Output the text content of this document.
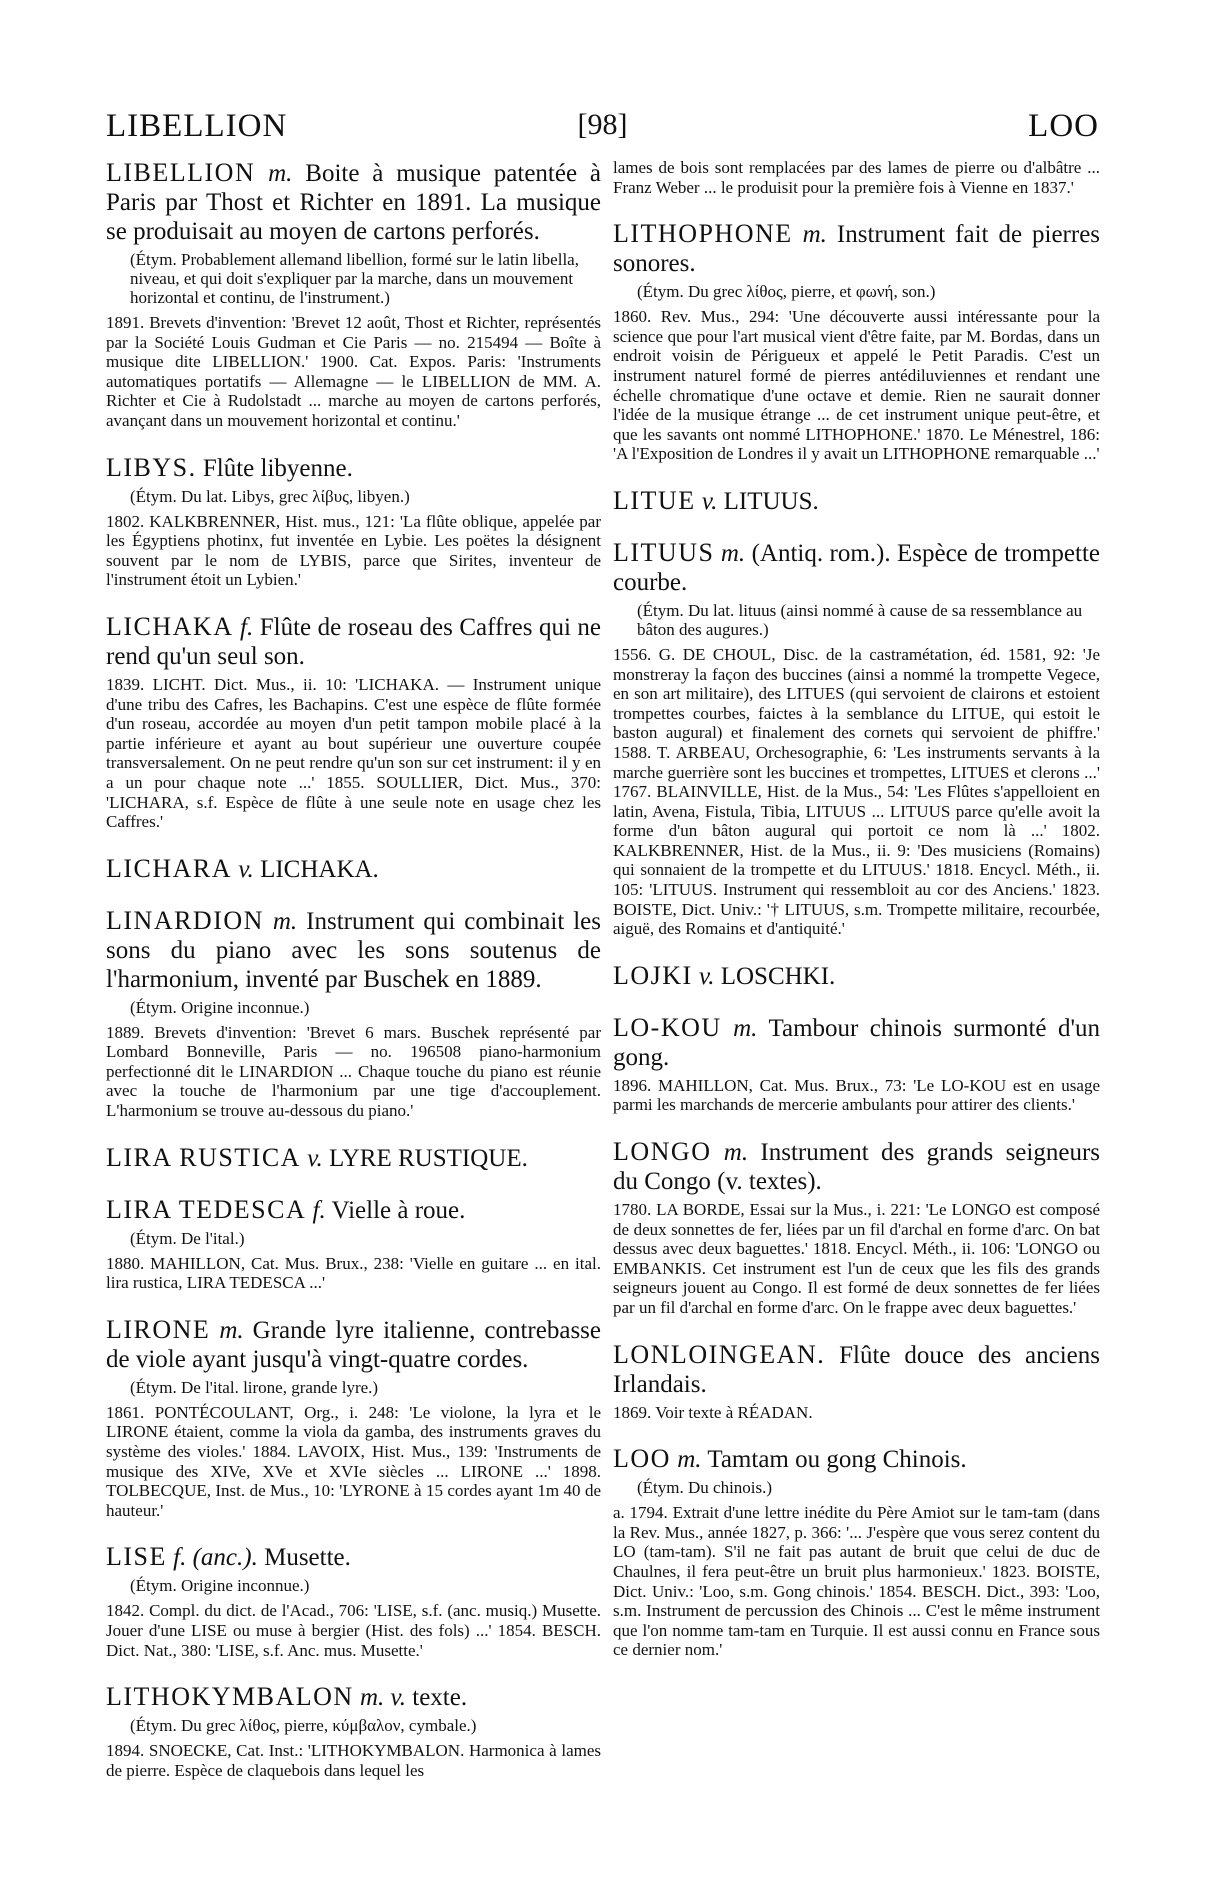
LIBELLION	[98]	LOO

LIBELLION m. Boite à musique patentée à Paris par Thost et Richter en 1891. La musique se produisait au moyen de cartons perforés.

(Étym. Probablement allemand libellion, formé sur le latin libella, niveau, et qui doit s'expliquer par la marche, dans un mouvement horizontal et continu, de l'instrument.)

1891. Brevets d'invention: 'Brevet 12 août, Thost et Richter, représentés par la Société Louis Gudman et Cie Paris — no. 215494 — Boîte à musique dite LIBELLION.' 1900. Cat. Expos. Paris: 'Instruments automatiques portatifs — Allemagne — le LIBELLION de MM. A. Richter et Cie à Rudolstadt ... marche au moyen de cartons perforés, avançant dans un mouvement horizontal et continu.'

LIBYS. Flûte libyenne.

(Étym. Du lat. Libys, grec λίβυς, libyen.)

1802. KALKBRENNER, Hist. mus., 121: 'La flûte oblique, appelée par les Égyptiens photinx, fut inventée en Lybie. Les poëtes la désignent souvent par le nom de LYBIS, parce que Sirites, inventeur de l'instrument étoit un Lybien.'

LICHAKA f. Flûte de roseau des Caffres qui ne rend qu'un seul son.

1839. LICHT. Dict. Mus., ii. 10: 'LICHAKA. — Instrument unique d'une tribu des Cafres, les Bachapins. C'est une espèce de flûte formée d'un roseau, accordée au moyen d'un petit tampon mobile placé à la partie inférieure et ayant au bout supérieur une ouverture coupée transversalement. On ne peut rendre qu'un son sur cet instrument: il y en a un pour chaque note ...' 1855. SOULLIER, Dict. Mus., 370: 'LICHARA, s.f. Espèce de flûte à une seule note en usage chez les Caffres.'

LICHARA v. LICHAKA.

LINARDION m. Instrument qui combinait les sons du piano avec les sons soutenus de l'harmonium, inventé par Buschek en 1889.

(Étym. Origine inconnue.)

1889. Brevets d'invention: 'Brevet 6 mars. Buschek représenté par Lombard Bonneville, Paris — no. 196508 piano-harmonium perfectionné dit le LINARDION ... Chaque touche du piano est réunie avec la touche de l'harmonium par une tige d'accouplement. L'harmonium se trouve au-dessous du piano.'

LIRA RUSTICA v. LYRE RUSTIQUE.

LIRA TEDESCA f. Vielle à roue.

(Étym. De l'ital.)

1880. MAHILLON, Cat. Mus. Brux., 238: 'Vielle en guitare ... en ital. lira rustica, LIRA TEDESCA ...'

LIRONE m. Grande lyre italienne, contrebasse de viole ayant jusqu'à vingt-quatre cordes.

(Étym. De l'ital. lirone, grande lyre.)

1861. PONTÉCOULANT, Org., i. 248: 'Le violone, la lyra et le LIRONE étaient, comme la viola da gamba, des instruments graves du système des violes.' 1884. LAVOIX, Hist. Mus., 139: 'Instruments de musique des XIVe, XVe et XVIe siècles ... LIRONE ...' 1898. TOLBECQUE, Inst. de Mus., 10: 'LYRONE à 15 cordes ayant 1m 40 de hauteur.'

LISE f. (anc.). Musette.

(Étym. Origine inconnue.)

1842. Compl. du dict. de l'Acad., 706: 'LISE, s.f. (anc. musiq.) Musette. Jouer d'une LISE ou muse à bergier (Hist. des fols) ...' 1854. BESCH. Dict. Nat., 380: 'LISE, s.f. Anc. mus. Musette.'

LITHOKYMBALON m. v. texte.

(Étym. Du grec λίθος, pierre, κύμβαλον, cymbale.)

1894. SNOECKE, Cat. Inst.: 'LITHOKYMBALON. Harmonica à lames de pierre. Espèce de claquebois dans lequel les

lames de bois sont remplacées par des lames de pierre ou d'albâtre ... Franz Weber ... le produisit pour la première fois à Vienne en 1837.'

LITHOPHONE m. Instrument fait de pierres sonores.

(Étym. Du grec λίθος, pierre, et φωνή, son.)

1860. Rev. Mus., 294: 'Une découverte aussi intéressante pour la science que pour l'art musical vient d'être faite, par M. Bordas, dans un endroit voisin de Périgueux et appelé le Petit Paradis. C'est un instrument naturel formé de pierres antédiluviennes et rendant une échelle chromatique d'une octave et demie. Rien ne saurait donner l'idée de la musique étrange ... de cet instrument unique peut-être, et que les savants ont nommé LITHOPHONE.' 1870. Le Ménestrel, 186: 'A l'Exposition de Londres il y avait un LITHOPHONE remarquable ...'

LITUE v. LITUUS.

LITUUS m. (Antiq. rom.). Espèce de trompette courbe.

(Étym. Du lat. lituus (ainsi nommé à cause de sa ressemblance au bâton des augures.)

1556. G. DE CHOUL, Disc. de la castramétation, éd. 1581, 92: 'Je monstreray la façon des buccines (ainsi a nommé la trompette Vegece, en son art militaire), des LITUES (qui servoient de clairons et estoient trompettes courbes, faictes à la semblance du LITUE, qui estoit le baston augural) et finalement des cornets qui servoient de phiffre.' 1588. T. ARBEAU, Orchesographie, 6: 'Les instruments servants à la marche guerrière sont les buccines et trompettes, LITUES et clerons ...' 1767. BLAINVILLE, Hist. de la Mus., 54: 'Les Flûtes s'appelloient en latin, Avena, Fistula, Tibia, LITUUS ... LITUUS parce qu'elle avoit la forme d'un bâton augural qui portoit ce nom là ...' 1802. KALKBRENNER, Hist. de la Mus., ii. 9: 'Des musiciens (Romains) qui sonnaient de la trompette et du LITUUS.' 1818. Encycl. Méth., ii. 105: 'LITUUS. Instrument qui ressembloit au cor des Anciens.' 1823. BOISTE, Dict. Univ.: '† LITUUS, s.m. Trompette militaire, recourbée, aiguë, des Romains et d'antiquité.'

LOJKI v. LOSCHKI.

LO-KOU m. Tambour chinois surmonté d'un gong.

1896. MAHILLON, Cat. Mus. Brux., 73: 'Le LO-KOU est en usage parmi les marchands de mercerie ambulants pour attirer des clients.'

LONGO m. Instrument des grands seigneurs du Congo (v. textes).

1780. LA BORDE, Essai sur la Mus., i. 221: 'Le LONGO est composé de deux sonnettes de fer, liées par un fil d'archal en forme d'arc. On bat dessus avec deux baguettes.' 1818. Encycl. Méth., ii. 106: 'LONGO ou EMBANKIS. Cet instrument est l'un de ceux que les fils des grands seigneurs jouent au Congo. Il est formé de deux sonnettes de fer liées par un fil d'archal en forme d'arc. On le frappe avec deux baguettes.'

LONLOINGEAN. Flûte douce des anciens Irlandais.

1869. Voir texte à RÉADAN.

LOO m. Tamtam ou gong Chinois.

(Étym. Du chinois.)

a. 1794. Extrait d'une lettre inédite du Père Amiot sur le tam-tam (dans la Rev. Mus., année 1827, p. 366: '... J'espère que vous serez content du LO (tam-tam). S'il ne fait pas autant de bruit que celui de duc de Chaulnes, il fera peut-être un bruit plus harmonieux.' 1823. BOISTE, Dict. Univ.: 'Loo, s.m. Gong chinois.' 1854. BESCH. Dict., 393: 'Loo, s.m. Instrument de percussion des Chinois ... C'est le même instrument que l'on nomme tam-tam en Turquie. Il est aussi connu en France sous ce dernier nom.'
